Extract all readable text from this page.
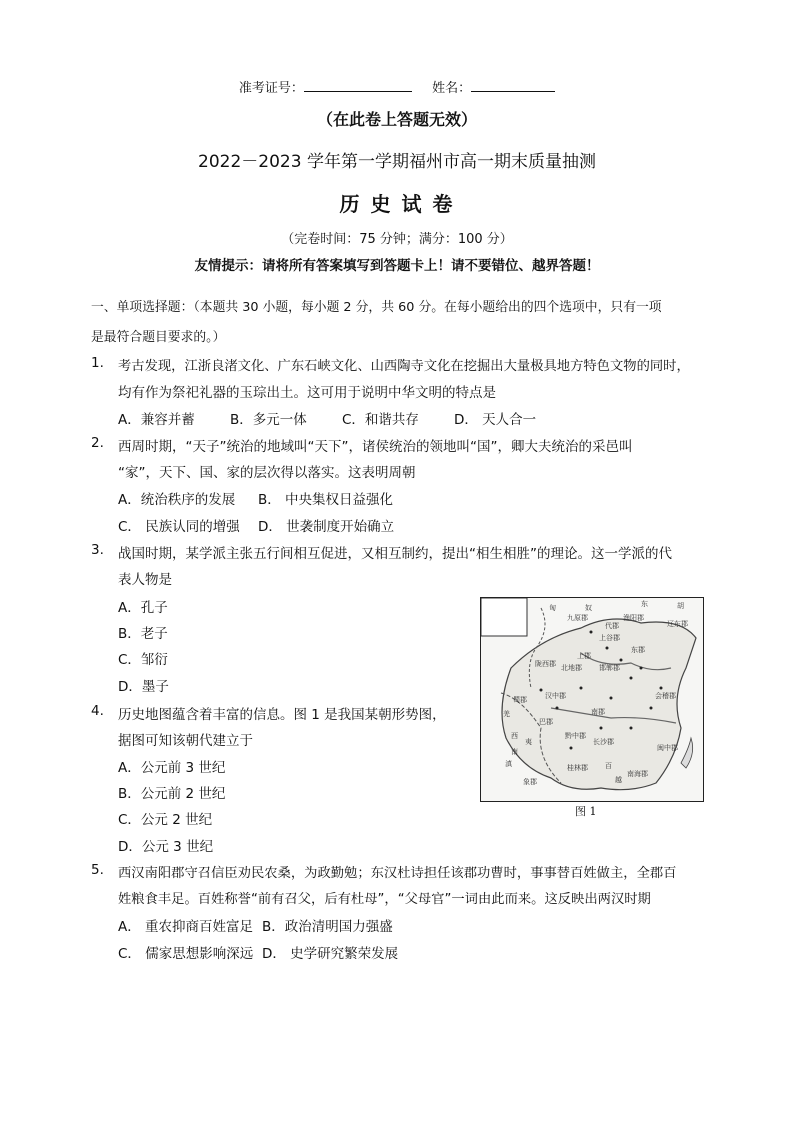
准考证号：	姓名：
（在此卷上答题无效）
2022－2023 学年第一学期福州市高一期末质量抽测
历 史 试 卷
（完卷时间：75 分钟；满分：100 分）
友情提示：请将所有答案填写到答题卡上！请不要错位、越界答题！
一、单项选择题：（本题共 30 小题，每小题 2 分，共 60 分。在每小题给出的四个选项中，只有一项
是最符合题目要求的。）
1. 考古发现，江浙良渚文化、广东石峡文化、山西陶寺文化在挖掘出大量极具地方特色文物的同时，
均有作为祭祀礼器的玉琮出土。这可用于说明中华文明的特点是
A．兼容并蓄	B．多元一体	C．和谐共存	D． 天人合一
2. 西周时期，“天子”统治的地域叫“天下”，诸侯统治的领地叫“国”，卿大夫统治的采邑叫
“家”，天下、国、家的层次得以落实。这表明周朝
A．统治秩序的发展 B． 中央集权日益强化
C． 民族认同的增强 D． 世袭制度开始确立
3. 战国时期，某学派主张五行间相互促进，又相互制约，提出“相生相胜”的理论。这一学派的代
表人物是
A．孔子
B．老子
C．邹衍
D．墨子
4. 历史地图蕴含着丰富的信息。图 1 是我国某朝形势图，
据图可知该朝代建立于
A．公元前 3 世纪
B．公元前 2 世纪
C．公元 2 世纪
D．公元 3 世纪
匈	奴	东	胡
九原郡
代郡
渔阳郡
上谷郡
陇西郡 北地郡
上郡
汉中郡
蜀郡
巴郡
南郡
长沙郡
会稽郡
闽中郡
南海郡
桂林郡
象郡
黔中郡
邯郸郡
东郡
羌
西
南
夷
越
百
滇
辽东郡
图 1
5. 西汉南阳郡守召信臣劝民农桑，为政勤勉；东汉杜诗担任该郡功曹时，事事替百姓做主，全郡百
姓粮食丰足。百姓称誉“前有召父，后有杜母”，“父母官”一词由此而来。这反映出两汉时期
A． 重农抑商百姓富足 B．政治清明国力强盛
C． 儒家思想影响深远 D． 史学研究繁荣发展
